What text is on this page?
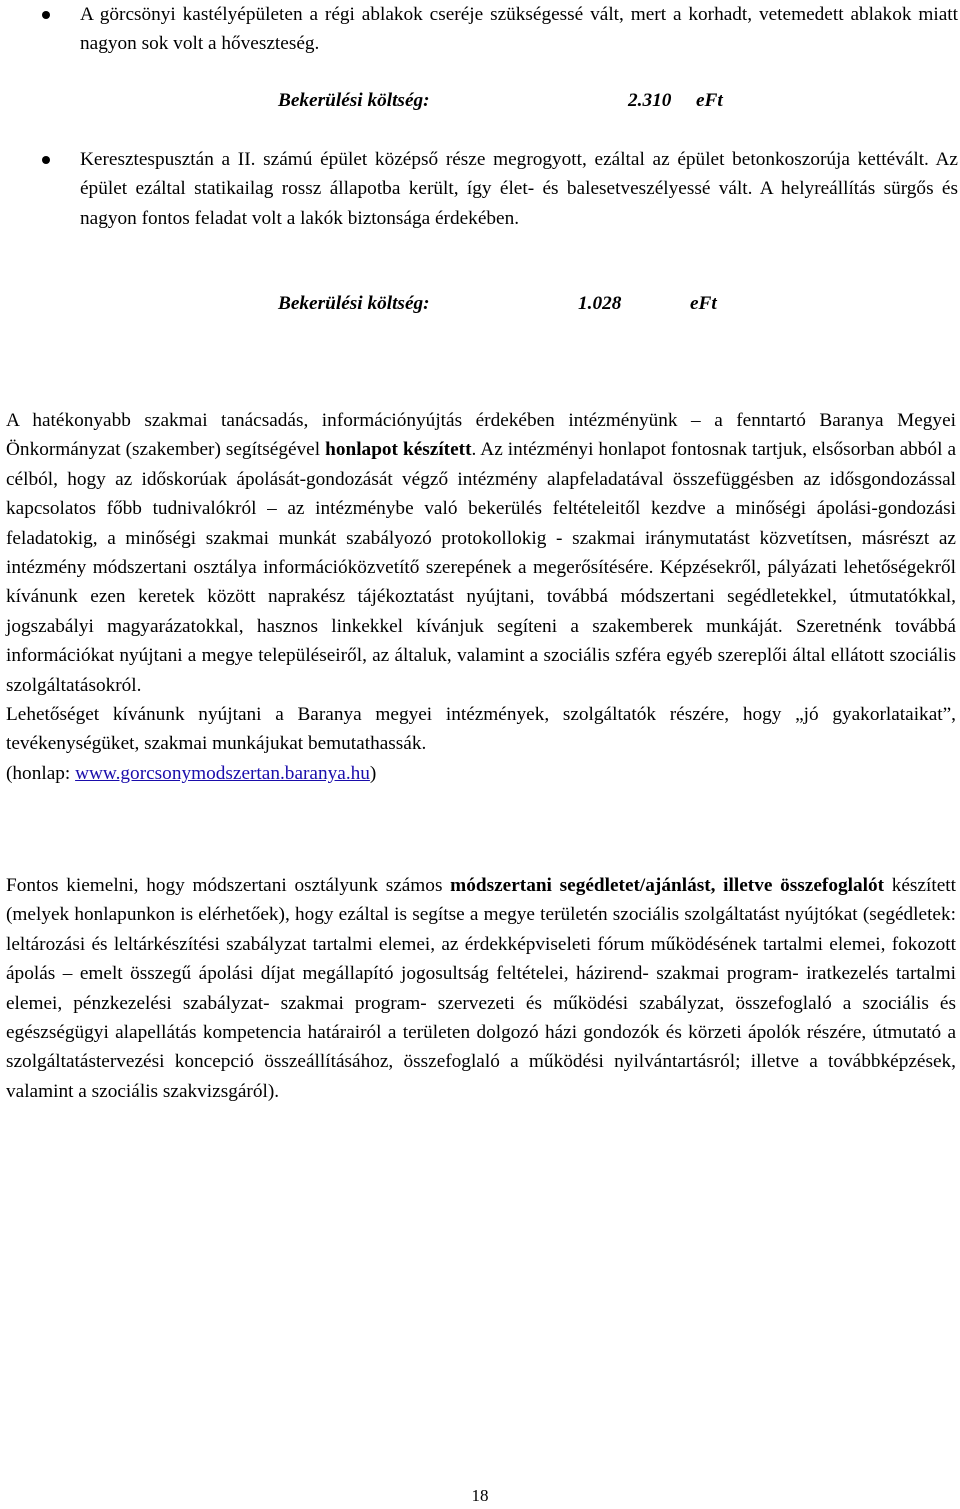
A görcsönyi kastélyépületen a régi ablakok cseréje szükségessé vált, mert a korhadt, vetemedett ablakok miatt nagyon sok volt a hőveszteség.
Bekerülési költség:	2.310 eFt
Keresztespusztán a II. számú épület középső része megrogyott, ezáltal az épület betonkoszorúja kettévált. Az épület ezáltal statikailag rossz állapotba került, így élet- és balesetveszélyessé vált. A helyreállítás sürgős és nagyon fontos feladat volt a lakók biztonsága érdekében.
Bekerülési költség:	1.028	eFt

A hatékonyabb szakmai tanácsadás, információnyújtás érdekében intézményünk – a fenntartó Baranya Megyei Önkormányzat (szakember) segítségével honlapot készített. Az intézményi honlapot fontosnak tartjuk, elsősorban abból a célból, hogy az időskorúak ápolását-gondozását végző intézmény alapfeladatával összefüggésben az idősgondozással kapcsolatos főbb tudnivalókról – az intézménybe való bekerülés feltételeitől kezdve a minőségi ápolási-gondozási feladatokig, a minőségi szakmai munkát szabályozó protokollokig - szakmai iránymutatást közvetítsen, másrészt az intézmény módszertani osztálya információközvetítő szerepének a megerősítésére. Képzésekről, pályázati lehetőségekről kívánunk ezen keretek között naprakész tájékoztatást nyújtani, továbbá módszertani segédletekkel, útmutatókkal, jogszabályi magyarázatokkal, hasznos linkekkel kívánjuk segíteni a szakemberek munkáját. Szeretnénk továbbá információkat nyújtani a megye településeiről, az általuk, valamint a szociális szféra egyéb szereplői által ellátott szociális szolgáltatásokról.

Lehetőséget kívánunk nyújtani a Baranya megyei intézmények, szolgáltatók részére, hogy „jó gyakorlataikat”, tevékenységüket, szakmai munkájukat bemutathassák.

(honlap: www.gorcsonymodszertan.baranya.hu)

Fontos kiemelni, hogy módszertani osztályunk számos módszertani segédletet/ajánlást, illetve összefoglalót készített (melyek honlapunkon is elérhetőek), hogy ezáltal is segítse a megye területén szociális szolgáltatást nyújtókat (segédletek: leltározási és leltárkészítési szabályzat tartalmi elemei, az érdekképviseleti fórum működésének tartalmi elemei, fokozott ápolás – emelt összegű ápolási díjat megállapító jogosultság feltételei, házirend- szakmai program- iratkezelés tartalmi elemei, pénzkezelési szabályzat- szakmai program- szervezeti és működési szabályzat, összefoglaló a szociális és egészségügyi alapellátás kompetencia határairól a területen dolgozó házi gondozók és körzeti ápolók részére, útmutató a szolgáltatástervezési koncepció összeállításához, összefoglaló a működési nyilvántartásról; illetve a továbbképzések, valamint a szociális szakvizsgáról).

18
